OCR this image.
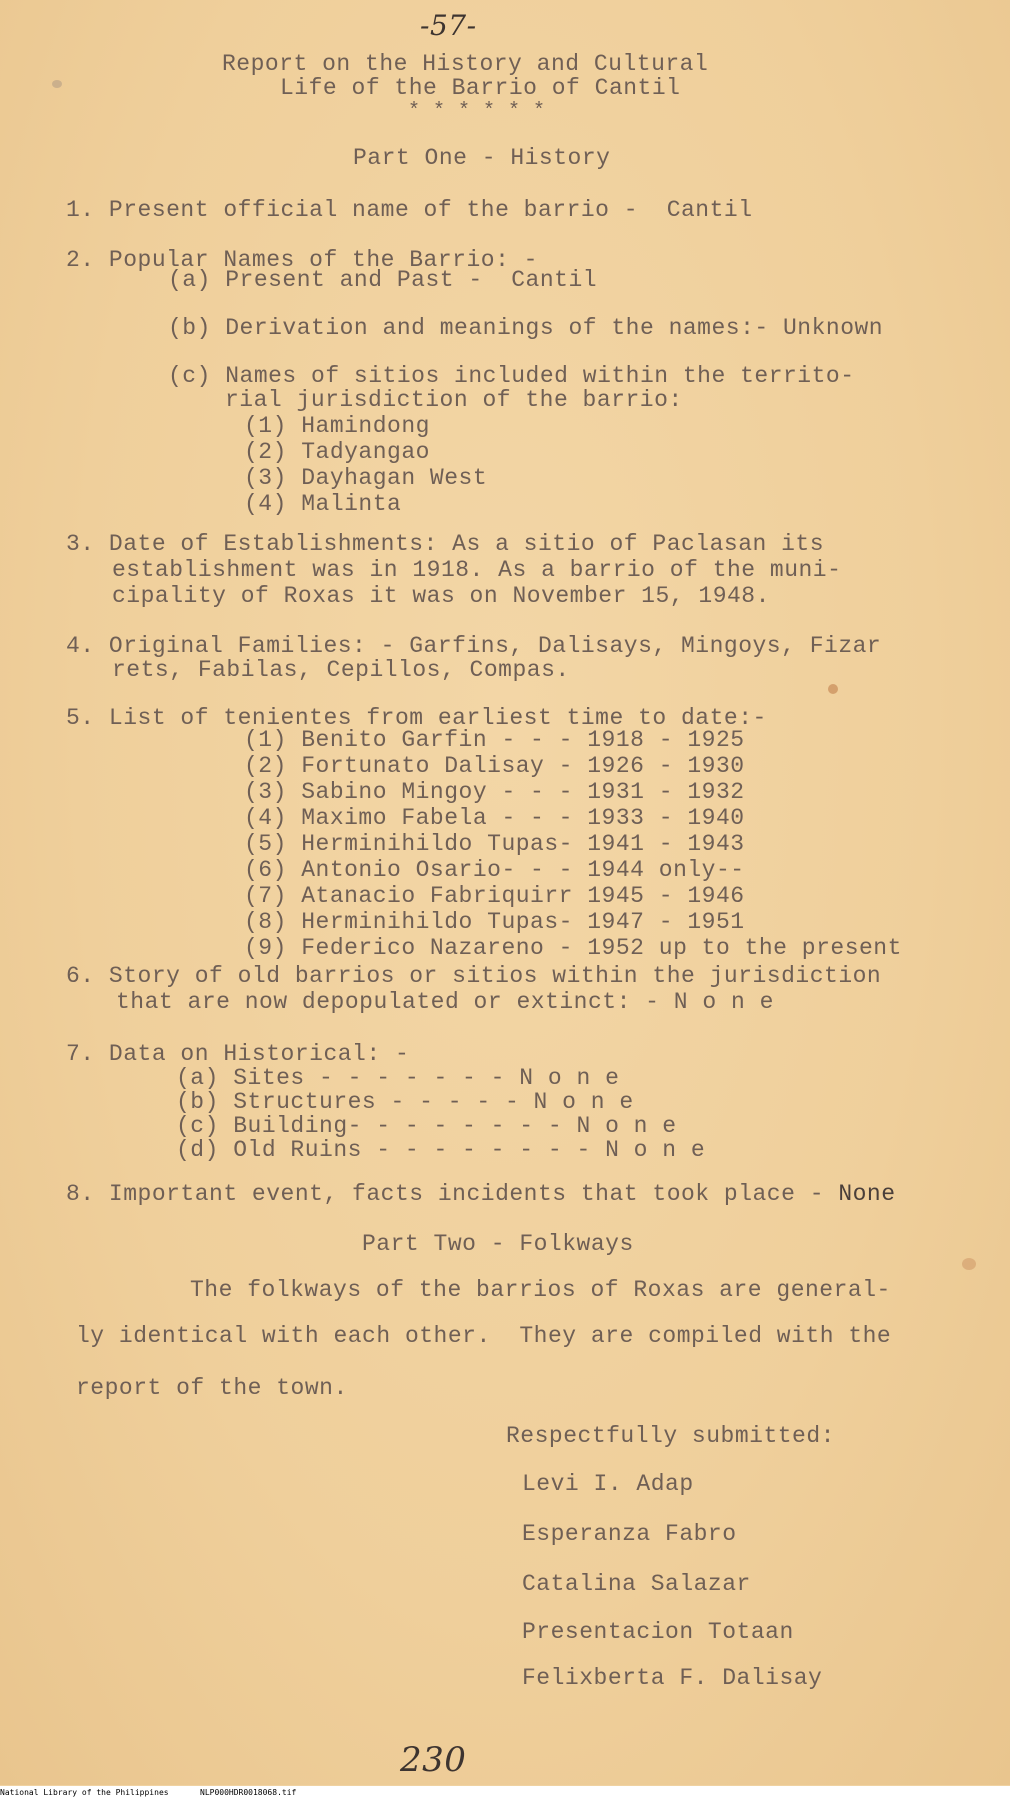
-57-
Report on the History and Cultural
Life of the Barrio of Cantil
* * * * * *
Part One - History
1. Present official name of the barrio -  Cantil
2. Popular Names of the Barrio: -
(a) Present and Past -  Cantil
(b) Derivation and meanings of the names:- Unknown
(c) Names of sitios included within the territo-
rial jurisdiction of the barrio:
(1) Hamindong
(2) Tadyangao
(3) Dayhagan West
(4) Malinta
3. Date of Establishments: As a sitio of Paclasan its
establishment was in 1918. As a barrio of the muni-
cipality of Roxas it was on November 15, 1948.
4. Original Families: - Garfins, Dalisays, Mingoys, Fizar
rets, Fabilas, Cepillos, Compas.
5. List of tenientes from earliest time to date:-
(1) Benito Garfin - - - 1918 - 1925
(2) Fortunato Dalisay - 1926 - 1930
(3) Sabino Mingoy - - - 1931 - 1932
(4) Maximo Fabela - - - 1933 - 1940
(5) Herminihildo Tupas- 1941 - 1943
(6) Antonio Osario- - - 1944 only--
(7) Atanacio Fabriquirr 1945 - 1946
(8) Herminihildo Tupas- 1947 - 1951
(9) Federico Nazareno - 1952 up to the present
6. Story of old barrios or sitios within the jurisdiction
that are now depopulated or extinct: - N o n e
7. Data on Historical: -
(a) Sites - - - - - - - N o n e
(b) Structures - - - - - N o n e
(c) Building- - - - - - - - N o n e
(d) Old Ruins - - - - - - - - N o n e
8. Important event, facts incidents that took place - None
Part Two - Folkways
The folkways of the barrios of Roxas are general-
ly identical with each other.  They are compiled with the
report of the town.
Respectfully submitted:
Levi I. Adap
Esperanza Fabro
Catalina Salazar
Presentacion Totaan
Felixberta F. Dalisay
230
National Library of the Philippines	NLP000HDR0018068.tif
